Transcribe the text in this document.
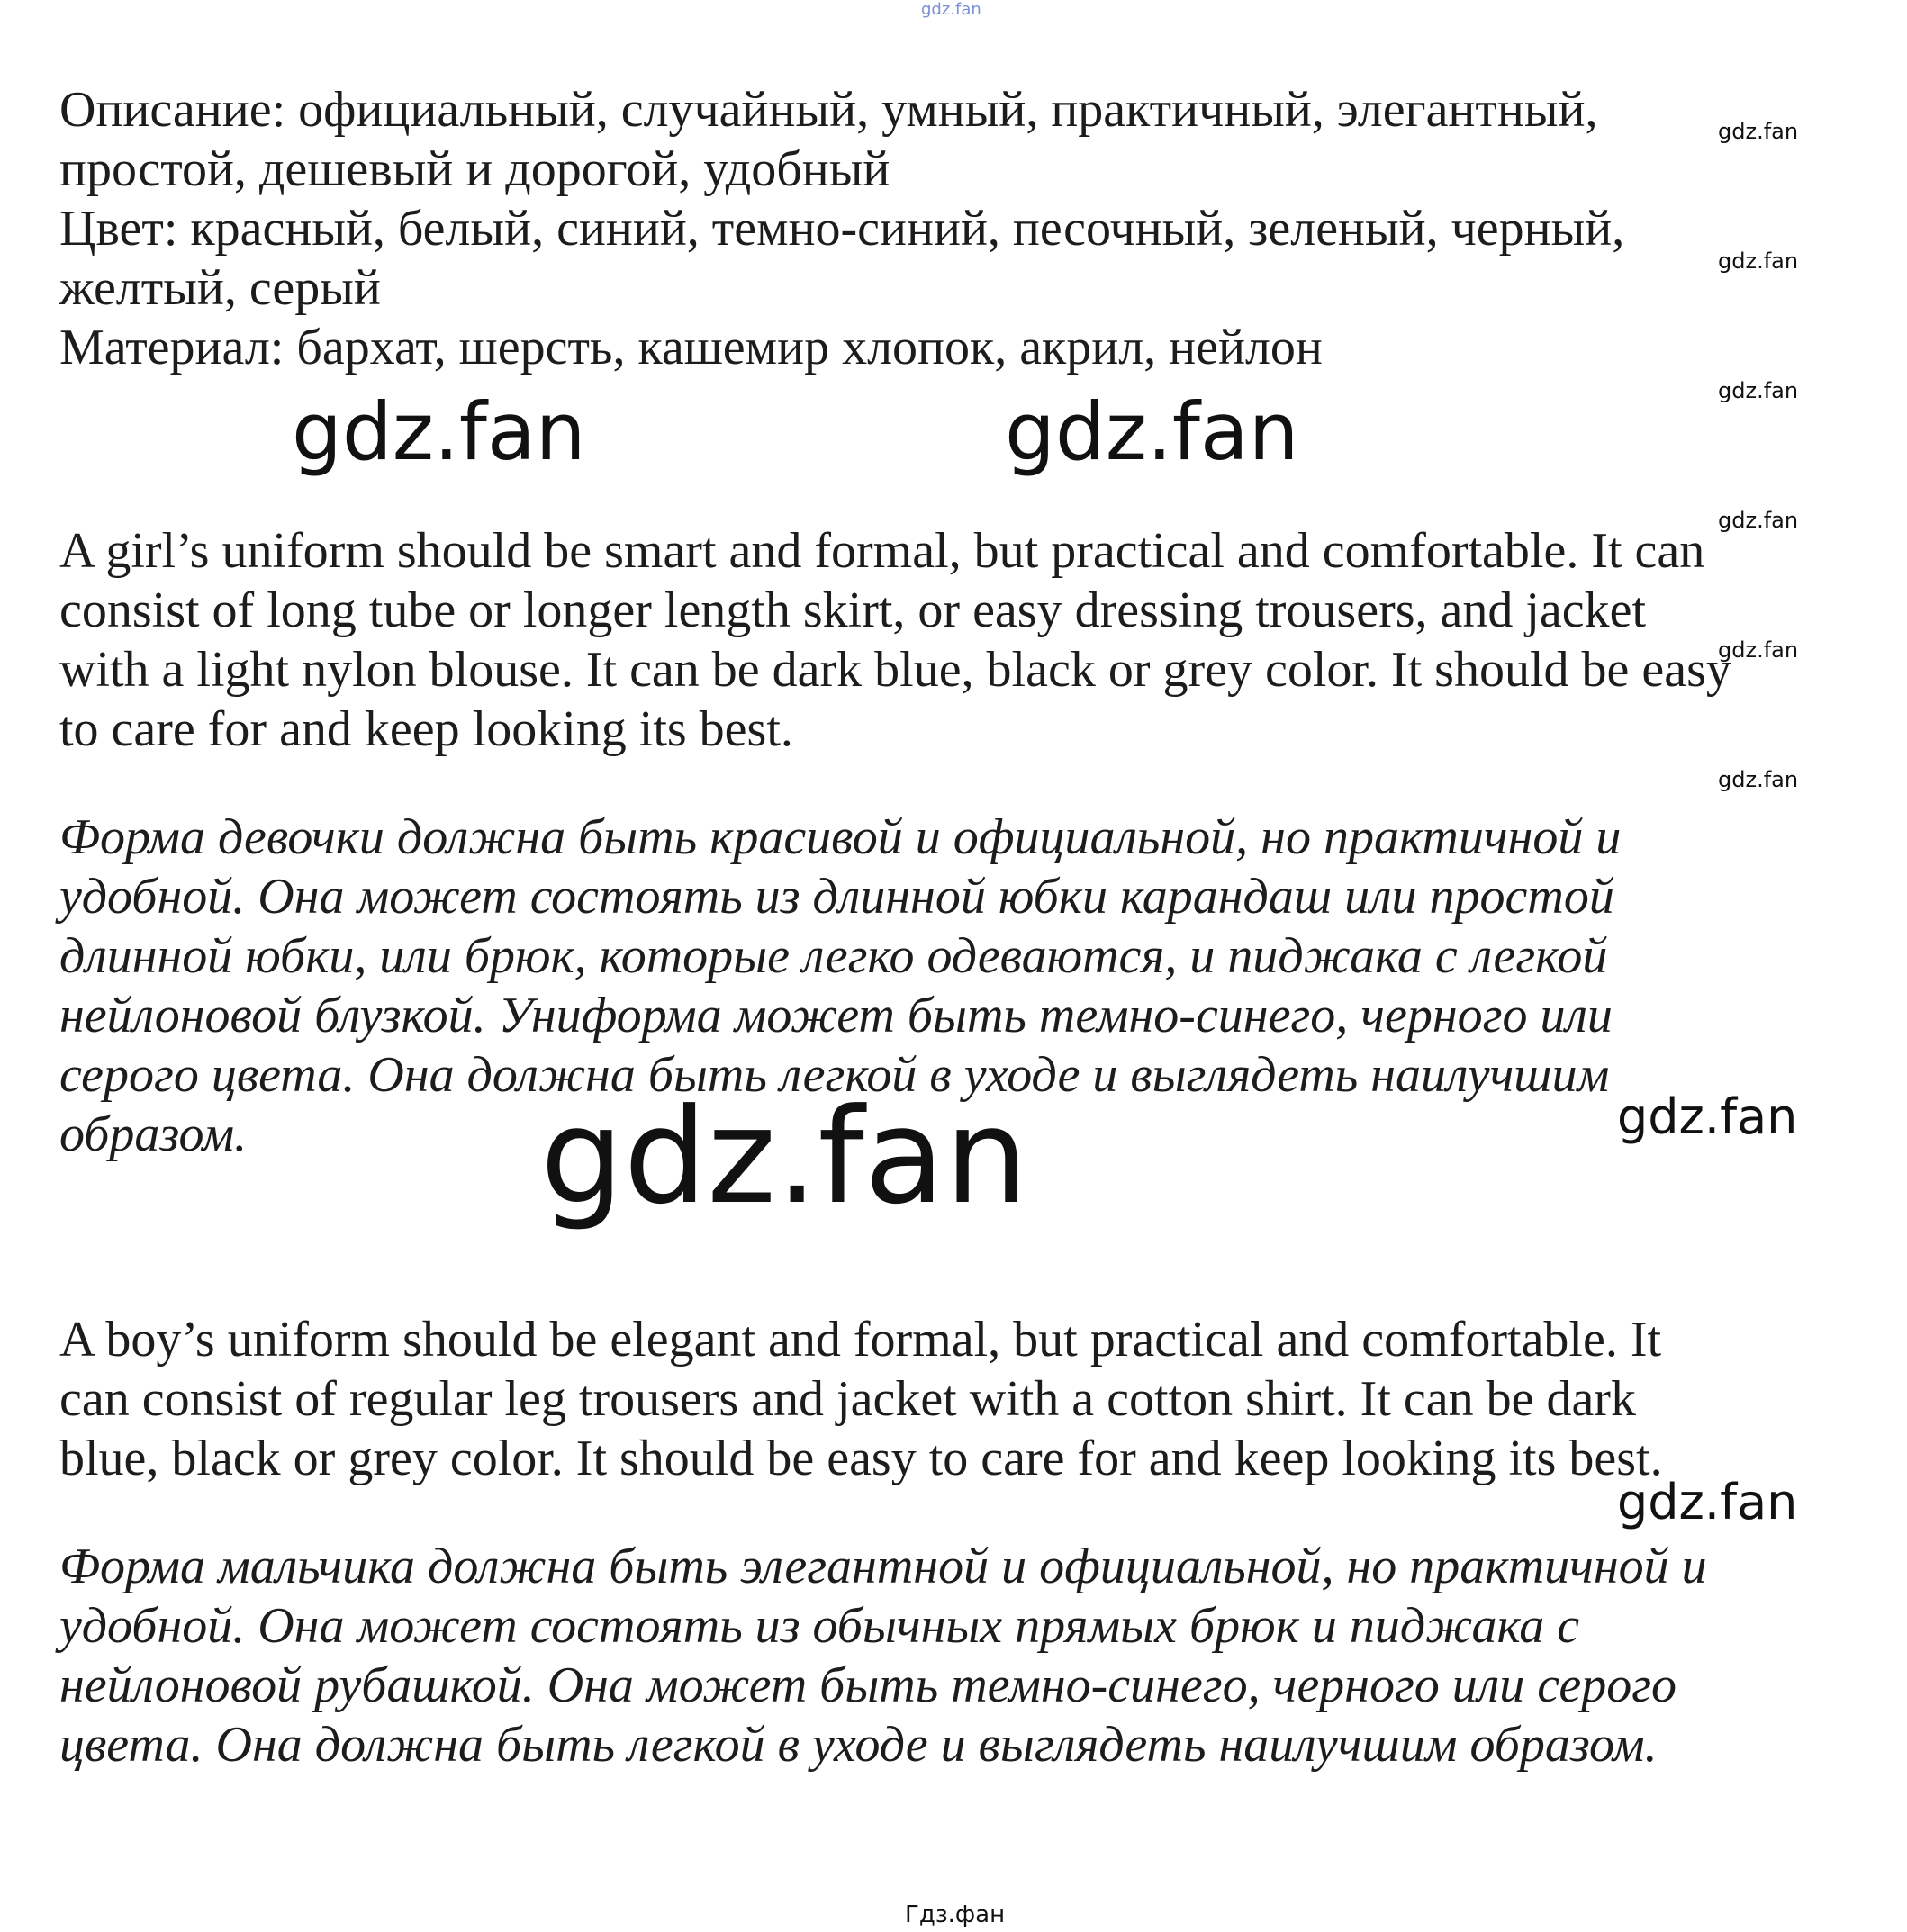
gdz.fan

Описание: официальный, случайный, умный, практичный, элегантный,

простой, дешевый и дорогой, удобный

Цвет: красный, белый, синий, темно-синий, песочный, зеленый, черный,

желтый, серый

Материал: бархат, шерсть, кашемир хлопок, акрил, нейлон

A girl’s uniform should be smart and formal, but practical and comfortable. It can

consist of long tube or longer length skirt, or easy dressing trousers, and jacket

with a light nylon blouse. It can be dark blue, black or grey color. It should be easy

to care for and keep looking its best.

Форма девочки должна быть красивой и официальной, но практичной и

удобной. Она может состоять из длинной юбки карандаш или простой

длинной юбки, или брюк, которые легко одеваются, и пиджака с легкой

нейлоновой блузкой. Униформа может быть темно-синего, черного или

серого цвета. Она должна быть легкой в уходе и выглядеть наилучшим

образом.

A boy’s uniform should be elegant and formal, but practical and comfortable. It

can consist of regular leg trousers and jacket with a cotton shirt. It can be dark

blue, black or grey color. It should be easy to care for and keep looking its best.

Форма мальчика должна быть элегантной и официальной, но практичной и

удобной. Она может состоять из обычных прямых брюк и пиджака с

нейлоновой рубашкой. Она может быть темно-синего, черного или серого

цвета. Она должна быть легкой в уходе и выглядеть наилучшим образом.

gdz.fan
gdz.fan
gdz.fan
gdz.fan
gdz.fan
gdz.fan
gdz.fan	gdz.fan
gdz.fan	gdz.fan
gdz.fan
Гдз.фан
